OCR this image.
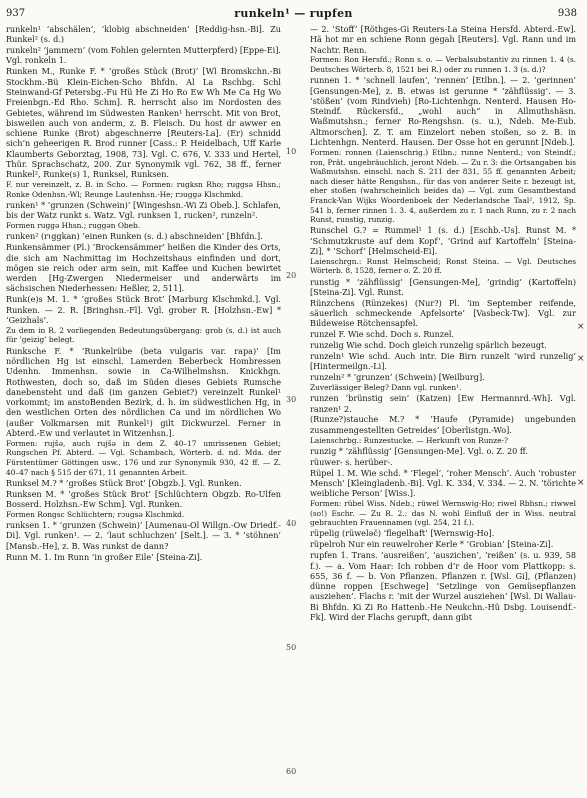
937	runkeln¹ — rupfen	938

runkeln¹ ’abschälen’, ’klobig abschneiden’ [Reddig-hsn.-Bi]. Zu Runkel² (s. d.)

runkeln² ’jammern’ (vom Fohlen gelernten Mutterpferd) [Eppe-Ei]. Vgl. ronkeln 1.

Runken M., Runke F. * ’großes Stück (Brot)’ [Wl Bromskchn.-Bi Stockhm.-Bü Klein-Eichen-Scho Bhfdn. Al La Rschbg. Schl Steinwand-Gf Petersbg.-Fu Hü He Zi Ho Ro Ew Wh Me Ca Hg Wo Freienbgn.-Ed Rho. Schm]. R. herrscht also im Nordosten des Gebietes, während im Südwesten Ranken¹ herrscht. Mit von Brot, bisweilen auch von anderm, z. B. Fleisch. Du host dr awwer en schiene Runke (Brot) abgeschnerre [Reuters-La]. (Er) schnidd sich’n geheerigen R. Brod runner [Cass.: P. Heidelbach, Uff Karle Klaumberts Geborztag, 1908, 73]. Vgl. C. 676, V. 333 und Hertel, Thür. Sprachschatz, 200. Zur Synonymik vgl. 762, 38 ff., ferner Runkel², Runke(s) 1, Runksel, Runksen.

F. nur vereinzelt, z. B. in Scho. — Formen: rugksn Rho; ruggsə Hhsn.; Ronke Odenhsn.-Wl; Reunge Lautenhsn.-He; rɔuggə Klschmkd.

runken¹ * ’grunzen (Schwein)’ [Wingeshsn.-Wi Zi Obeb.]. Schlafen, bis der Watz runkt s. Watz. Vgl. runksen 1, rucken², runzeln².

Formen ruggə Hhsn.; ruggən Obeb.

runken² (rɩggkan) ’einen Runken (s. d.) abschneiden’ [Bhfdn.].

Runkensämmer (Pl.) ’Brockensämmer’ heißen die Kinder des Orts, die sich am Nachmittag im Hochzeitshaus einfinden und dort, mögen sie reich oder arm sein, mit Kaffee und Kuchen bewirtet werden [Hg-Zwergen Niedermeiser und anderwärts im sächsischen Niederhessen: Heßler, 2, 511].

Runk(e)s M. 1. * ’großes Stück Brot’ [Marburg Klschmkd.]. Vgl. Runken. — 2. R. [Bringhsn.-Fl]. Vgl. grober R. [Holzhsn.-Ew] * ’Geizhals’.

Zu dem in R. 2 vorliegenden Bedeutungsübergang: grob (s. d.) ist auch für ’geizig’ belegt.

Runksche F. * ’Runkelrübe (beta vulgaris var. rapa)’ [Im nördlichen Hg ist einschl. Lamerden Beberbeck Hombressen Udenhn. Immenhsn. sowie in Ca-Wilhelmshsn. Knickhgn. Rothwesten, doch so, daß im Süden dieses Gebiets Rumsche danebensteht und daß (im ganzen Gebiet?) vereinzelt Runkel¹ vorkommt; im anstoBenden Bezirk, d. h. im südwestlichen Hg, in den westlichen Orten des nördlichen Ca und im nördlichen Wo (außer Volkmarsen mit Runkel¹) gilt Dickwurzel. Ferner in Abterd.-Ew und verlautet in Witzenhsn.].

Formen: rujšə, auch rujšə in dem Z. 40–17 umrissenen Gebiet; Rungschen Pf. Abterd. — Vgl. Schambach, Wörterb. d. nd. Mda. der Fürstentümer Göttingen usw., 176 und zur Synonymik 930, 42 ff. — Z. 40–47 nach § 515 der 671, 11 genannten Arbeit.

Runksel M.? * ’großes Stück Brot’ [Obgzb.]. Vgl. Runken.

Runksen M. * ’großes Stück Brot’ [Schlüchtern Obgzb. Ro-Ulfen Bosserd. Holzhsn.-Ew Schm]. Vgl. Runken.

Formen Rongsc Schlüchtern; rɔugsə Klschmkd.

runksen 1. * ’grunzen (Schwein)’ [Aumenau-Ol Willgn.-Ow Driedf.-Di]. Vgl. runken¹. — 2. ’laut schluchzen’ [Selt.]. — 3. * ’stöhnen’ [Mansb.-He], z. B. Was runkst de dann?

Runn M. 1. Im Runn ’in großer Eile’ [Steina-Zi].

10
20
30
40
50
60

— 2. ’Stoff’ [Röthges-Gi Reuters-La Steina Hersfd. Abterd.-Ew]. Hä hot mr en schiene Ronn gegah [Reuters]. Vgl. Rann und im Nachtr. Renn.

Formen: Ron Hersfd.; Ronn s. o. — Verbalsubstantiv zu rinnen 1. 4 (s. Deutsches Wörterb. 8, 1521 bei R.) oder zu runnen 1. 3 (s. d.)?

runnen 1. * ’schnell laufen’, ’rennen’ [Etlbn.]. — 2. ’gerinnen’ [Gensungen-Me], z. B. etwas ist gerunne * ’zähflüssig’. — 3. ’stößen’ (vom Rindvieh) [Ro-Lichtenhgn. Nenterd. Hausen Ho-Steindf. Rückersfd., „wohl auch“ in Allmuthshäsn. Waßmutshsn.; ferner Ro-Rengshsn. (s. u.), Ndeb. Me-Eub. Altmorschen]. Z. T. am Einzelort neben stoßen, so z. B. in Lichtenhgn. Nenterd. Hausen. Der Osse hot en gerunnt [Ndeb.].

Formen: ronnen (Laienschrig.) Etlbn.; runne Nenterd.; von Steindf.; ron, Prät. ungebräuchlich, jeront Ndeb. — Zu r. 3: die Ortsangaben bis Waßmutshsn. einschl. nach S. 211 der 831, 55 ff. genannten Arbeit; nach dieser hätte Rengshsn., für das von anderer Seite r. bezeugt ist, eher stoßen (wahrscheinlich beides da) — Vgl. zum Gesamtbestand Franck-Van Wijks Woordenboek der Nederlandsche Taal², 1912, Sp. 541 b, ferner rinnen 1. 3. 4, außerdem zu r. 1 nach Runn, zu r. 2 nach Runst, runstig, runzig.

Runschel G.? = Rummel¹ 1 (s. d.) [Eschb.-Us]. Runst M. * ’Schmutzkruste auf dem Kopf’, ’Grind auf Kartoffeln’ [Steina-Zi], * ’Schorf’ [Helmscheid-Ei].

Laienschrgn.: Runst Helmscheid; Ronst Steina. — Vgl. Deutsches Wörterb. 8, 1528, ferner o. Z. 20 ff.

runstig * ’zähflüssig’ [Gensungen-Me], ’grindig’ (Kartoffeln) [Steina-Zi]. Vgl. Runst.

Rünzchens (Rünzekes) (Nur?) Pl. ’im September reifende, säuerlich schmeckende Apfelsorte’ [Vasbeck-Tw]. Vgl. zur Bildeweise Rötchensapfel.

runzel F. Wie schd. Doch s. Runzel.

runzelig Wie schd. Doch gleich runzelig spärlich bezeugt.

runzeln¹ Wie schd. Auch intr. Die Birn runzelt ’wird runzelig’ [Hintermeilgn.-Li].

runzeln² * ’grunzen’ (Schwein) [Weilburg].

Zuverlässiger Beleg? Dann vgl. runken¹.

runzen ’brünstig sein’ (Katzen) [Ew Hermannrd.-Wh]. Vgl. ranzen¹ 2.

(Runze?)stauche M.? * ’Haufe (Pyramide) ungebunden zusammengestellten Getreides’ [Oberlistgn.-Wo].

Laienschrbg.: Runzestucke. — Herkunft von Runze-?

runzig * ’zähflüssig’ [Gensungen-Me]. Vgl. o. Z. 20 ff.

rüuwer- s. herüber-.

Rüpel 1. M. Wie schd. * ’Flegel’, ’roher Mensch’. Auch ’robuster Mensch’ [Kleingladenb.-Bi]. Vgl. K. 334, V. 334. — 2. N. ’törichte weibliche Person’ [Wiss.].

Formen: rübel Wiss. Ndeb.; rüwel Wernswig-Ho; riwel Rbhsn.; riwwel (so!) Eschr. — Zu R. 2.: das N. wohl Einfluß der in Wiss. neutral gebrauchten Frauennamen (vgl. 254, 21 f.).

rüpelig (rüweləč) ’flegelhaft’ [Wernswig-Ho].

rüpelroh Nur ein reuwelroher Kerle * ’Grobian’ [Steina-Zi].

rupfen 1. Trans. ’ausreißen’, ’auszichen’, ’reißen’ (s. u. 939, 58 f.). — a. Vom Haar: Ich robben d’r de Hoor vom Plattkopp: s. 655, 36 f. — b. Von Pflanzen. Pflanzen r. [Wsl. Gi], (Pflanzen) dünne roppen [Eschwege] ’Setzlinge von Gemüsepflanzen ausziehen’. Flachs r. ’mit der Wurzel ausziehen’ [Wsl. Di Wallau-Bi Bhfdn. Ki Zi Ro Hattenb.-He Neukchn.-Hü Dsbg. Louisendf.-Fk]. Wird der Flachs gerupft, dann gibt

×
×
×
